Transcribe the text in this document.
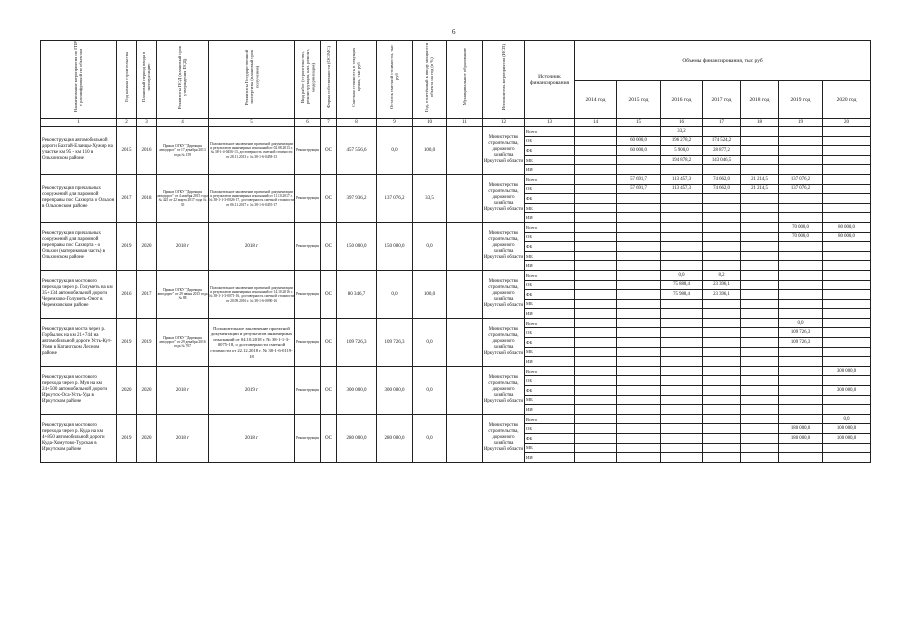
6
Наименование мероприятия по ГПР с расшифровкой по объектам	Год начала строительства	Плановый период ввода в эксплуатацию	Реквизиты ПСД (плановый срок утверждения ПСД)	Реквизиты Государственной экспертизы (плановый срок получения)	Вид работ (строительство, реконструкция, кап. ремонт, модернизация)	Форма собственности (ОС/МС)	Сметная стоимость в текущих ценах, тыс руб	Остаток сметной стоимости, тыс руб	Год, отнесённый к вводу мощности объекта на год (в %)	Муниципальное образование	Исполнитель мероприятия (ИСП)	Источник финансирования	Объемы финансирования, тыс руб						
													2014 год	2015 год	2016 год	2017 год	2018 год	2019 год	2020 год
1	2	3	4	5	6	7	8	9	10	11	12	13	14	15	16	17	18	19	20
Реконструкция автомобильной дороги Бахтай-Еланцы-Хужир на участке км 95 - км 110 в Ольхонском районе	2015	2016	Приказ ОГКУ "Дирекция автодорог" от 17 декабря 2013 года № 159	Положительное заключение проектной документации и результатов инженерных изысканий от 02.08.2013 г. № 38-1-4-0456-13, достоверность сметной стоимости от 28.11.2013 г. № 38-1-6-0458-13	Реконструкция	ОС	457 556,6	0,0	100,0		Министерство строительства, дорожного хозяйства Иркутской области	Всего			33,2				
												ОБ		60 000,0	196 278,2	174 524,2			
												ФБ		60 000,0	5 900,0	28 877,2			
												МБ			194 878,2	143 046,5			
												ИИ							
Реконструкция причальных сооружений для паромной переправы пос Сахюрта о Ольхон в Ольхонском районе	2017	2018	Приказ ОГКУ "Дирекция автодорог" от 4 ноября 2015 года № 425 от 22 марта 2017 года № 35	Положительное заключение проектной документации и результатов инженерных изысканий от 11.10.2017 г. № 38-1-1-3-0026-17, достоверность сметной стоимости от 06.11.2017 г. № 38-1-6-0455-17	Реконструкция	ОС	397 936,2	137 076,2	33,5		Министерство строительства, дорожного хозяйства Иркутской области	Всего		57 691,7	113 457,3	74 662,0	21 214,5	137 076,2	
												ОБ		57 691,7	113 457,3	74 662,0	21 214,5	137 076,2	
												ФБ							
												МБ							
												ИИ							
Реконструкция причальных сооружений для паромной переправы пос Сахюрта - о Ольхон (материковая часть) в Ольхонском районе	2019	2020	2018 г	2018 г	Реконструкция	ОС	150 000,0	150 000,0	0,0		Министерство строительства, дорожного хозяйства Иркутской области	Всего						70 000,0	80 000,0
												ОБ						70 000,0	80 000,0
												ФБ							
												МБ							
												ИИ							
Реконструкция мостового перехода через р. Голуметь на км 35+134 автомобильной дороги Черемхово-Голуметь-Онот в Черемховском районе	2016	2017	Приказ ОГКУ "Дирекция автодорог" от 29 июня 2015 года № 88	Положительное заключение проектной документации и результатов инженерных изысканий от 14.10.2016 г. № 38-1-1-3-0071-16, достоверность сметной стоимости от 20.09.2016 г. № 38-1-6-0090-16	Реконструкция	ОС	80 346,7	0,0	100,0		Министерство строительства, дорожного хозяйства Иркутской области	Всего			0,0	8,2			
												ОБ			75 888,4	23 396,1			
												ФБ			75 988,4	23 396,1			
												МБ							
												ИИ							
Реконструкция моста через р. Горбылок на км 21+744 на автомобильной дороге Усть-Кут-Уоян в Катангском Лесном районе	2019	2019	Приказ ОГКУ "Дирекция автодорог" от 29 декабря 2016 года № 767	Положительное заключение проектной документации и результатов инженерных изысканий от 04.10.2018 г. № 38-1-1-3-0075-18, о достоверности сметной стоимости от 22.12.2018 г. № 38-1-6-0119-18	Реконструкция	ОС	109 726,3	109 726,3	0,0		Министерство строительства, дорожного хозяйства Иркутской области	Всего						0,0	
												ОБ						109 726,3	
												ФБ						109 726,3	
												МБ							
												ИИ							
Реконструкция мостового перехода через р. Муя на км 24+500 автомобильной дороги Иркутск-Оса-Усть-Уда в Иркутском районе	2020	2020	2018 г	2019 г	Реконструкция	ОС	300 000,0	300 000,0	0,0		Министерство строительства, дорожного хозяйства Иркутской области	Всего							300 000,0
												ОБ							
												ФБ							300 000,0
												МБ							
												ИИ							
Реконструкция мостового перехода через р. Куда на км 4+850 автомобильной дороги Куда-Хомутово-Турская в Иркутском районе	2019	2020	2018 г	2018 г	Реконструкция	ОС	280 000,0	280 000,0	0,0		Министерство строительства, дорожного хозяйства Иркутской области	Всего							0,0
												ОБ						180 000,0	100 000,0
												ФБ						180 000,0	100 000,0
												МБ							
												ИИ							
